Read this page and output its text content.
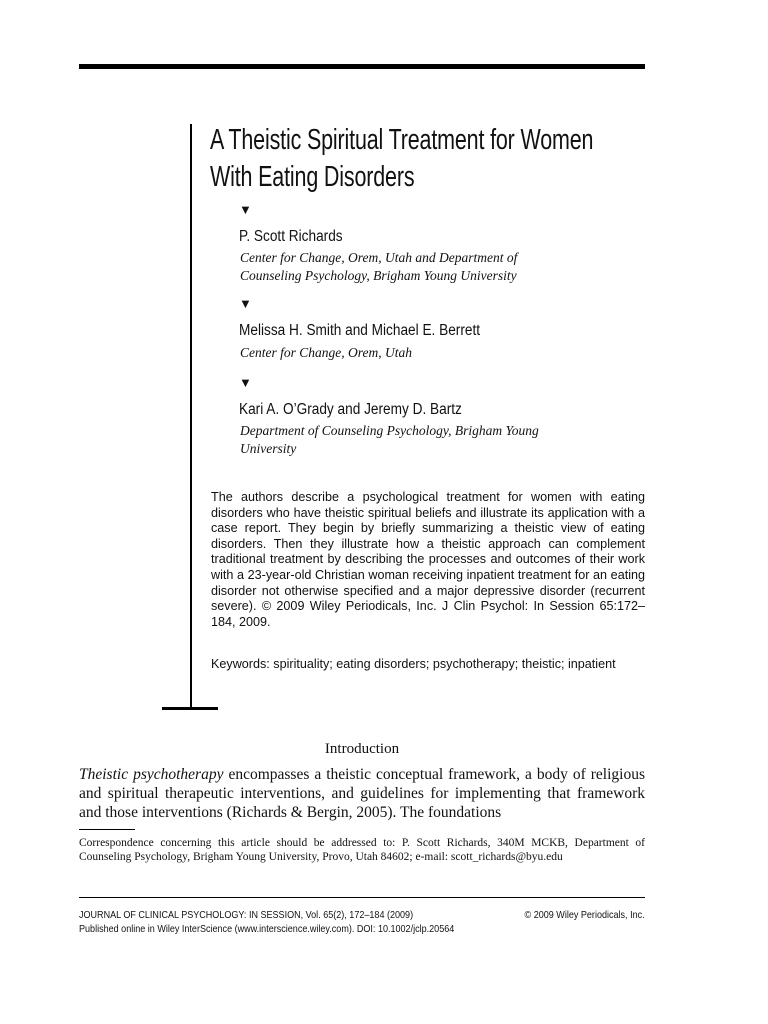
A Theistic Spiritual Treatment for Women With Eating Disorders
▼
P. Scott Richards

Center for Change, Orem, Utah and Department of
Counseling Psychology, Brigham Young University

▼
Melissa H. Smith and Michael E. Berrett

Center for Change, Orem, Utah

▼
Kari A. O’Grady and Jeremy D. Bartz

Department of Counseling Psychology, Brigham Young
University

The authors describe a psychological treatment for women with eating disorders who have theistic spiritual beliefs and illustrate its application with a case report. They begin by briefly summarizing a theistic view of eating disorders. Then they illustrate how a theistic approach can complement traditional treatment by describing the processes and outcomes of their work with a 23-year-old Christian woman receiving inpatient treatment for an eating disorder not otherwise specified and a major depressive disorder (recurrent severe). © 2009 Wiley Periodicals, Inc. J Clin Psychol: In Session 65:172–184, 2009.

Keywords: spirituality; eating disorders; psychotherapy; theistic; inpatient

Introduction

Theistic psychotherapy encompasses a theistic conceptual framework, a body of religious and spiritual therapeutic interventions, and guidelines for implementing that framework and those interventions (Richards & Bergin, 2005). The foundations

Correspondence concerning this article should be addressed to: P. Scott Richards, 340M MCKB, Department of Counseling Psychology, Brigham Young University, Provo, Utah 84602; e-mail: scott_richards@byu.edu

JOURNAL OF CLINICAL PSYCHOLOGY: IN SESSION, Vol. 65(2), 172–184 (2009)	© 2009 Wiley Periodicals, Inc.
Published online in Wiley InterScience (www.interscience.wiley.com). DOI: 10.1002/jclp.20564
